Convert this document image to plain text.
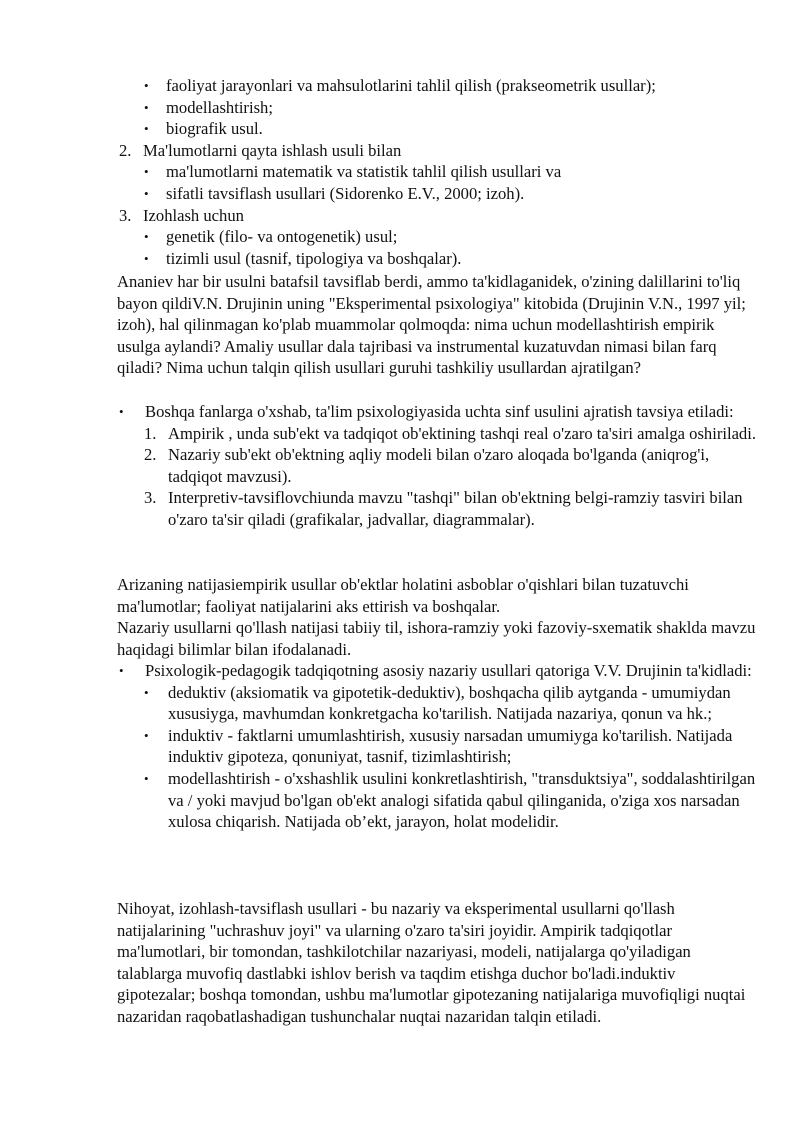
• faoliyat jarayonlari va mahsulotlarini tahlil qilish (prakseometrik usullar);
• modellashtirish;
• biografik usul.
2. Ma'lumotlarni qayta ishlash usuli bilan
• ma'lumotlarni matematik va statistik tahlil qilish usullari va
• sifatli tavsiflash usullari (Sidorenko E.V., 2000; izoh).
3. Izohlash uchun
• genetik (filo- va ontogenetik) usul;
• tizimli usul (tasnif, tipologiya va boshqalar).

Ananiev har bir usulni batafsil tavsiflab berdi, ammo ta'kidlaganidek, o'zining dalillarini to'liq bayon qildiV.N. Drujinin uning "Eksperimental psixologiya" kitobida (Drujinin V.N., 1997 yil; izoh), hal qilinmagan ko'plab muammolar qolmoqda: nima uchun modellashtirish empirik usulga aylandi? Amaliy usullar dala tajribasi va instrumental kuzatuvdan nimasi bilan farq qiladi? Nima uchun talqin qilish usullari guruhi tashkiliy usullardan ajratilgan?

• Boshqa fanlarga o'xshab, ta'lim psixologiyasida uchta sinf usulini ajratish tavsiya etiladi:
1. Ampirik , unda sub'ekt va tadqiqot ob'ektining tashqi real o'zaro ta'siri amalga oshiriladi.
2. Nazariy sub'ekt ob'ektning aqliy modeli bilan o'zaro aloqada bo'lganda (aniqrog'i, tadqiqot mavzusi).
3. Interpretiv-tavsiflovchiunda mavzu "tashqi" bilan ob'ektning belgi-ramziy tasviri bilan o'zaro ta'sir qiladi (grafikalar, jadvallar, diagrammalar).

Arizaning natijasiempirik usullar ob'ektlar holatini asboblar o'qishlari bilan tuzatuvchi ma'lumotlar; faoliyat natijalarini aks ettirish va boshqalar.

Nazariy usullarni qo'llash natijasi tabiiy til, ishora-ramziy yoki fazoviy-sxematik shaklda mavzu haqidagi bilimlar bilan ifodalanadi.

• Psixologik-pedagogik tadqiqotning asosiy nazariy usullari qatoriga V.V. Drujinin ta'kidladi:
• deduktiv (aksiomatik va gipotetik-deduktiv), boshqacha qilib aytganda - umumiydan xususiyga, mavhumdan konkretgacha ko'tarilish. Natijada nazariya, qonun va hk.;
• induktiv - faktlarni umumlashtirish, xususiy narsadan umumiyga ko'tarilish. Natijada induktiv gipoteza, qonuniyat, tasnif, tizimlashtirish;
• modellashtirish - o'xshashlik usulini konkretlashtirish, "transduktsiya", soddalashtirilgan va / yoki mavjud bo'lgan ob'ekt analogi sifatida qabul qilinganida, o'ziga xos narsadan xulosa chiqarish. Natijada ob’ekt, jarayon, holat modelidir.

Nihoyat, izohlash-tavsiflash usullari - bu nazariy va eksperimental usullarni qo'llash natijalarining "uchrashuv joyi" va ularning o'zaro ta'siri joyidir. Ampirik tadqiqotlar ma'lumotlari, bir tomondan, tashkilotchilar nazariyasi, modeli, natijalarga qo'yiladigan talablarga muvofiq dastlabki ishlov berish va taqdim etishga duchor bo'ladi.induktiv gipotezalar; boshqa tomondan, ushbu ma'lumotlar gipotezaning natijalariga muvofiqligi nuqtai nazaridan raqobatlashadigan tushunchalar nuqtai nazaridan talqin etiladi.
